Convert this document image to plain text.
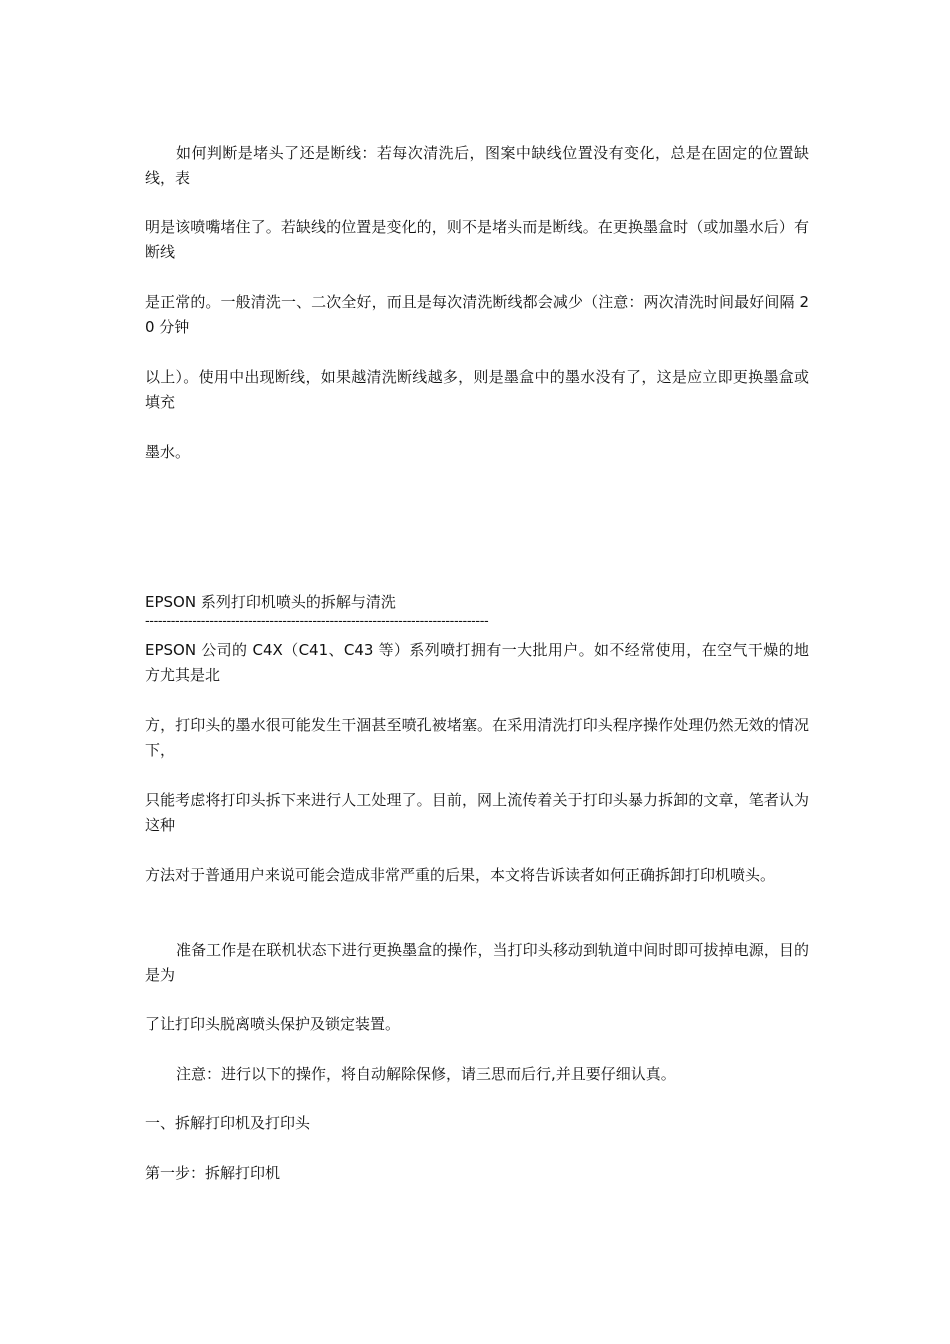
如何判断是堵头了还是断线：若每次清洗后，图案中缺线位置没有变化，总是在固定的位置缺线，表

明是该喷嘴堵住了。若缺线的位置是变化的，则不是堵头而是断线。在更换墨盒时（或加墨水后）有断线

是正常的。一般清洗一、二次全好，而且是每次清洗断线都会减少（注意：两次清洗时间最好间隔 20 分钟

以上）。使用中出现断线，如果越清洗断线越多，则是墨盒中的墨水没有了，这是应立即更换墨盒或填充

墨水。

EPSON 系列打印机喷头的拆解与清洗

--------------------------------------------------------------------------------

EPSON 公司的 C4X（C41、C43 等）系列喷打拥有一大批用户。如不经常使用，在空气干燥的地方尤其是北

方，打印头的墨水很可能发生干涸甚至喷孔被堵塞。在采用清洗打印头程序操作处理仍然无效的情况下，

只能考虑将打印头拆下来进行人工处理了。目前，网上流传着关于打印头暴力拆卸的文章，笔者认为这种

方法对于普通用户来说可能会造成非常严重的后果，本文将告诉读者如何正确拆卸打印机喷头。

准备工作是在联机状态下进行更换墨盒的操作，当打印头移动到轨道中间时即可拔掉电源，目的是为

了让打印头脱离喷头保护及锁定装置。

注意：进行以下的操作，将自动解除保修，请三思而后行,并且要仔细认真。

一、拆解打印机及打印头

第一步：拆解打印机
